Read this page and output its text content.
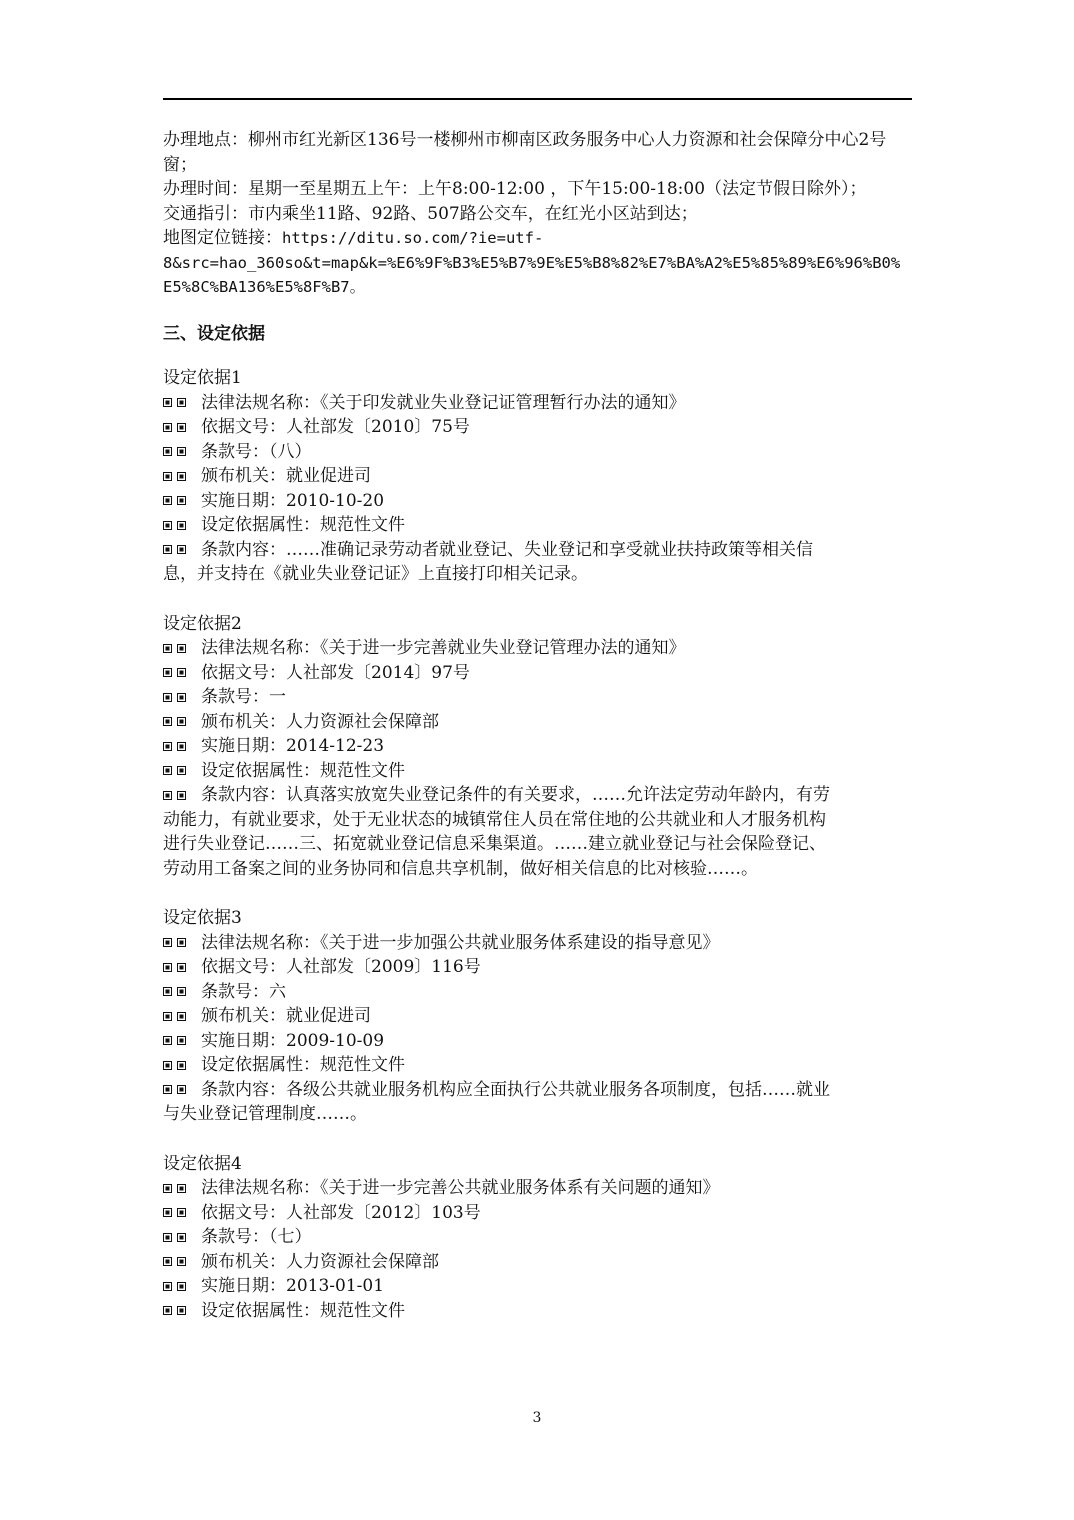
办理地点：柳州市红光新区136号一楼柳州市柳南区政务服务中心人力资源和社会保障分中心2号窗；
办理时间：星期一至星期五上午：上午8:00-12:00 ，下午15:00-18:00（法定节假日除外）；
交通指引：市内乘坐11路、92路、507路公交车，在红光小区站到达；
地图定位链接：https://ditu.so.com/?ie=utf-
8&src=hao_360so&t=map&k=%E6%9F%B3%E5%B7%9E%E5%B8%82%E7%BA%A2%E5%85%89%E6%96%B0%
E5%8C%BA136%E5%8F%B7。
三、设定依据
设定依据1
法律法规名称：《关于印发就业失业登记证管理暂行办法的通知》
依据文号：人社部发〔2010〕75号
条款号：（八）
颁布机关：就业促进司
实施日期：2010-10-20
设定依据属性：规范性文件
条款内容：……准确记录劳动者就业登记、失业登记和享受就业扶持政策等相关信
息，并支持在《就业失业登记证》上直接打印相关记录。
设定依据2
法律法规名称：《关于进一步完善就业失业登记管理办法的通知》
依据文号：人社部发〔2014〕97号
条款号：一
颁布机关：人力资源社会保障部
实施日期：2014-12-23
设定依据属性：规范性文件
条款内容：认真落实放宽失业登记条件的有关要求，……允许法定劳动年龄内，有劳
动能力，有就业要求，处于无业状态的城镇常住人员在常住地的公共就业和人才服务机构
进行失业登记……三、拓宽就业登记信息采集渠道。……建立就业登记与社会保险登记、
劳动用工备案之间的业务协同和信息共享机制，做好相关信息的比对核验……。
设定依据3
法律法规名称：《关于进一步加强公共就业服务体系建设的指导意见》
依据文号：人社部发〔2009〕116号
条款号：六
颁布机关：就业促进司
实施日期：2009-10-09
设定依据属性：规范性文件
条款内容：各级公共就业服务机构应全面执行公共就业服务各项制度，包括……就业
与失业登记管理制度……。
设定依据4
法律法规名称：《关于进一步完善公共就业服务体系有关问题的通知》
依据文号：人社部发〔2012〕103号
条款号：（七）
颁布机关：人力资源社会保障部
实施日期：2013-01-01
设定依据属性：规范性文件
3
